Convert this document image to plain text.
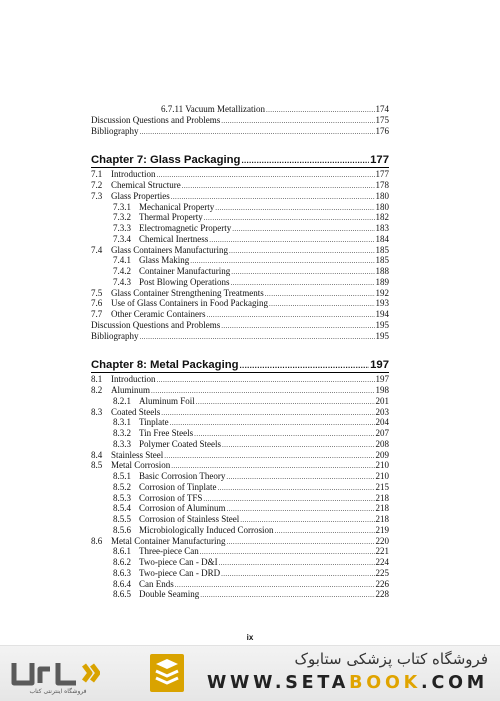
6.7.11 Vacuum Metallization .....	174
Discussion Questions and Problems .....	175
Bibliography .....	176
Chapter 7: Glass Packaging .....	177
7.1 Introduction .....	177
7.2 Chemical Structure .....	178
7.3 Glass Properties .....	180
7.3.1 Mechanical Property .....	180
7.3.2 Thermal Property .....	182
7.3.3 Electromagnetic Property .....	183
7.3.4 Chemical Inertness .....	184
7.4 Glass Containers Manufacturing .....	185
7.4.1 Glass Making .....	185
7.4.2 Container Manufacturing .....	188
7.4.3 Post Blowing Operations .....	189
7.5 Glass Container Strengthening Treatments .....	192
7.6 Use of Glass Containers in Food Packaging .....	193
7.7 Other Ceramic Containers .....	194
Discussion Questions and Problems .....	195
Bibliography .....	195
Chapter 8: Metal Packaging .....	197
8.1 Introduction .....	197
8.2 Aluminum .....	198
8.2.1 Aluminum Foil .....	201
8.3 Coated Steels .....	203
8.3.1 Tinplate .....	204
8.3.2 Tin Free Steels .....	207
8.3.3 Polymer Coated Steels .....	208
8.4 Stainless Steel .....	209
8.5 Metal Corrosion .....	210
8.5.1 Basic Corrosion Theory .....	210
8.5.2 Corrosion of Tinplate .....	215
8.5.3 Corrosion of TFS .....	218
8.5.4 Corrosion of Aluminum .....	218
8.5.5 Corrosion of Stainless Steel .....	218
8.5.6 Microbiologically Induced Corrosion .....	219
8.6 Metal Container Manufacturing .....	220
8.6.1 Three-piece Can .....	221
8.6.2 Two-piece Can - D&I .....	224
8.6.3 Two-piece Can - DRD .....	225
8.6.4 Can Ends .....	226
8.6.5 Double Seaming .....	228
ix
فروشگاه اینترنتی کتاب
فروشگاه کتاب پزشکی ستابوک
WWW.SETABOOK.COM
